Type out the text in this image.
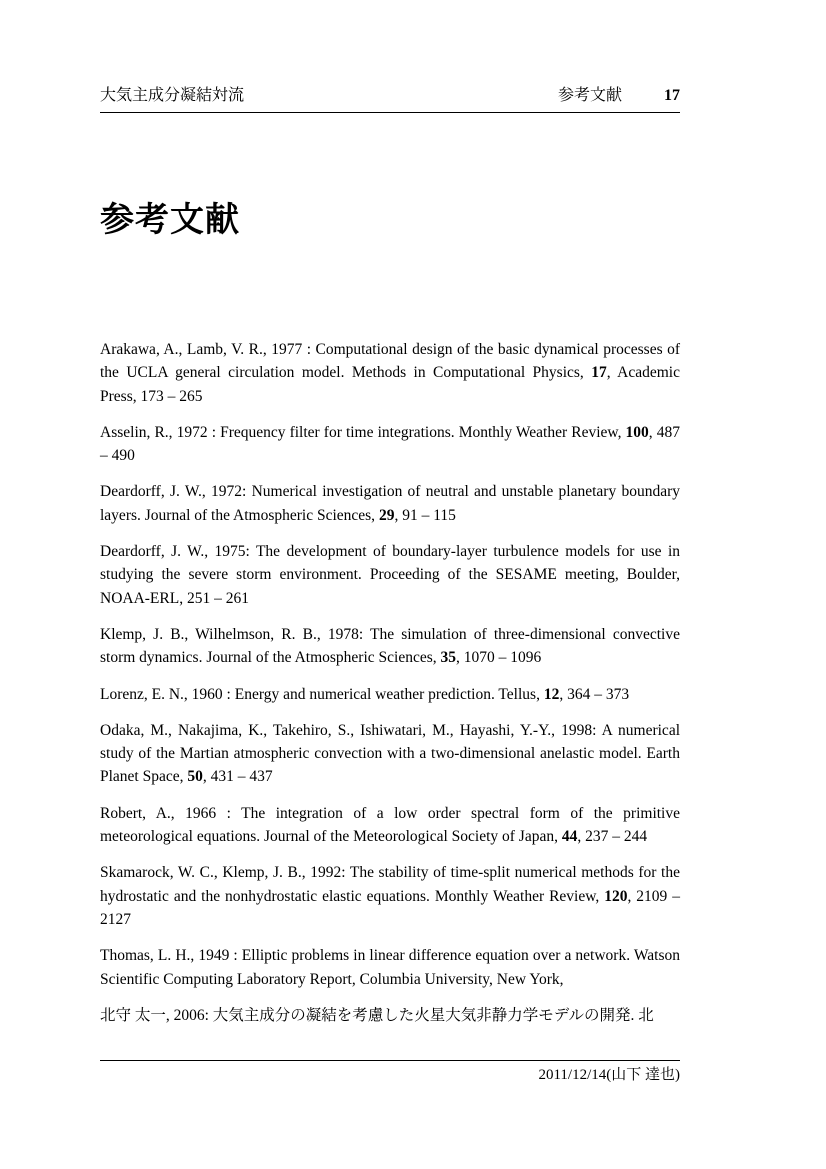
大気主成分凝結対流	参考文献	17
参考文献

Arakawa, A., Lamb, V. R., 1977 : Computational design of the basic dynamical processes of the UCLA general circulation model. Methods in Computational Physics, 17, Academic Press, 173 – 265

Asselin, R., 1972 : Frequency filter for time integrations. Monthly Weather Review, 100, 487 – 490

Deardorff, J. W., 1972: Numerical investigation of neutral and unstable planetary boundary layers. Journal of the Atmospheric Sciences, 29, 91 – 115

Deardorff, J. W., 1975: The development of boundary-layer turbulence models for use in studying the severe storm environment. Proceeding of the SESAME meeting, Boulder, NOAA-ERL, 251 – 261

Klemp, J. B., Wilhelmson, R. B., 1978: The simulation of three-dimensional convective storm dynamics. Journal of the Atmospheric Sciences, 35, 1070 – 1096

Lorenz, E. N., 1960 : Energy and numerical weather prediction. Tellus, 12, 364 – 373

Odaka, M., Nakajima, K., Takehiro, S., Ishiwatari, M., Hayashi, Y.-Y., 1998: A numerical study of the Martian atmospheric convection with a two-dimensional anelastic model. Earth Planet Space, 50, 431 – 437

Robert, A., 1966 : The integration of a low order spectral form of the primitive meteorological equations. Journal of the Meteorological Society of Japan, 44, 237 – 244

Skamarock, W. C., Klemp, J. B., 1992: The stability of time-split numerical methods for the hydrostatic and the nonhydrostatic elastic equations. Monthly Weather Review, 120, 2109 – 2127

Thomas, L. H., 1949 : Elliptic problems in linear difference equation over a network. Watson Scientific Computing Laboratory Report, Columbia University, New York,

北守 太一, 2006: 大気主成分の凝結を考慮した火星大気非静力学モデルの開発. 北

2011/12/14(山下 達也)
